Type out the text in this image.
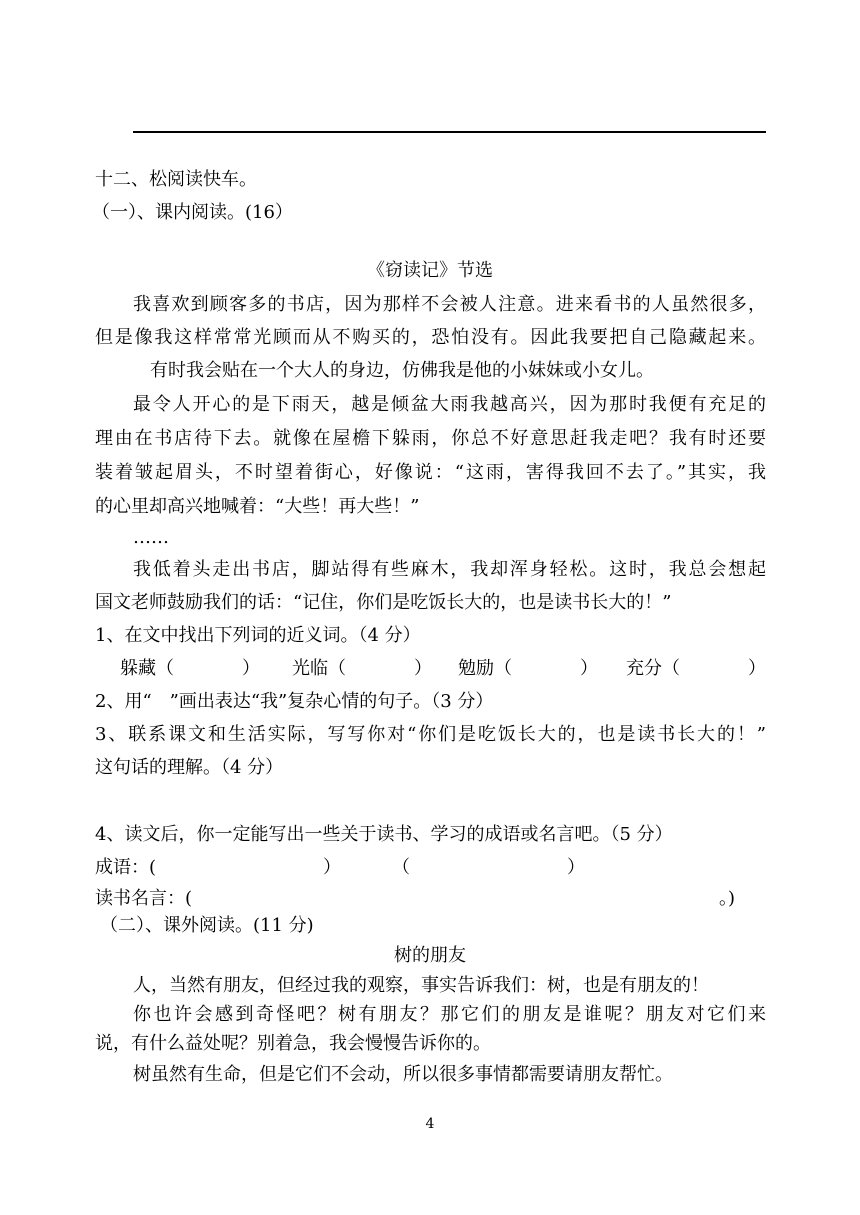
十二、松阅读快车。

（一）、课内阅读。(16）

《窃读记》节选

我喜欢到顾客多的书店，因为那样不会被人注意。进来看书的人虽然很多，

但是像我这样常常光顾而从不购买的，恐怕没有。因此我要把自己隐藏起来。

有时我会贴在一个大人的身边，仿佛我是他的小妹妹或小女儿。

最令人开心的是下雨天，越是倾盆大雨我越高兴，因为那时我便有充足的

理由在书店待下去。就像在屋檐下躲雨，你总不好意思赶我走吧？我有时还要

装着皱起眉头，不时望着街心，好像说：“这雨，害得我回不去了。”其实，我

的心里却高兴地喊着：“大些！再大些！”

……

我低着头走出书店，脚站得有些麻木，我却浑身轻松。这时，我总会想起

国文老师鼓励我们的话：“记住，你们是吃饭长大的，也是读书长大的！”

1、在文中找出下列词的近义词。（4 分）

躲藏（	） 光临（	） 勉励（	） 充分（	）

2、用“　”画出表达“我”复杂心情的句子。（3 分）

3、联系课文和生活实际，写写你对“你们是吃饭长大的，也是读书长大的！”

这句话的理解。（4 分）

4、读文后，你一定能写出一些关于读书、学习的成语或名言吧。（5 分）

成语：(	）	（	）
读书名言：(	。)

（二）、课外阅读。(11 分)

树的朋友

人，当然有朋友，但经过我的观察，事实告诉我们：树，也是有朋友的！

你也许会感到奇怪吧？树有朋友？那它们的朋友是谁呢？朋友对它们来

说，有什么益处呢？别着急，我会慢慢告诉你的。

树虽然有生命，但是它们不会动，所以很多事情都需要请朋友帮忙。

4
